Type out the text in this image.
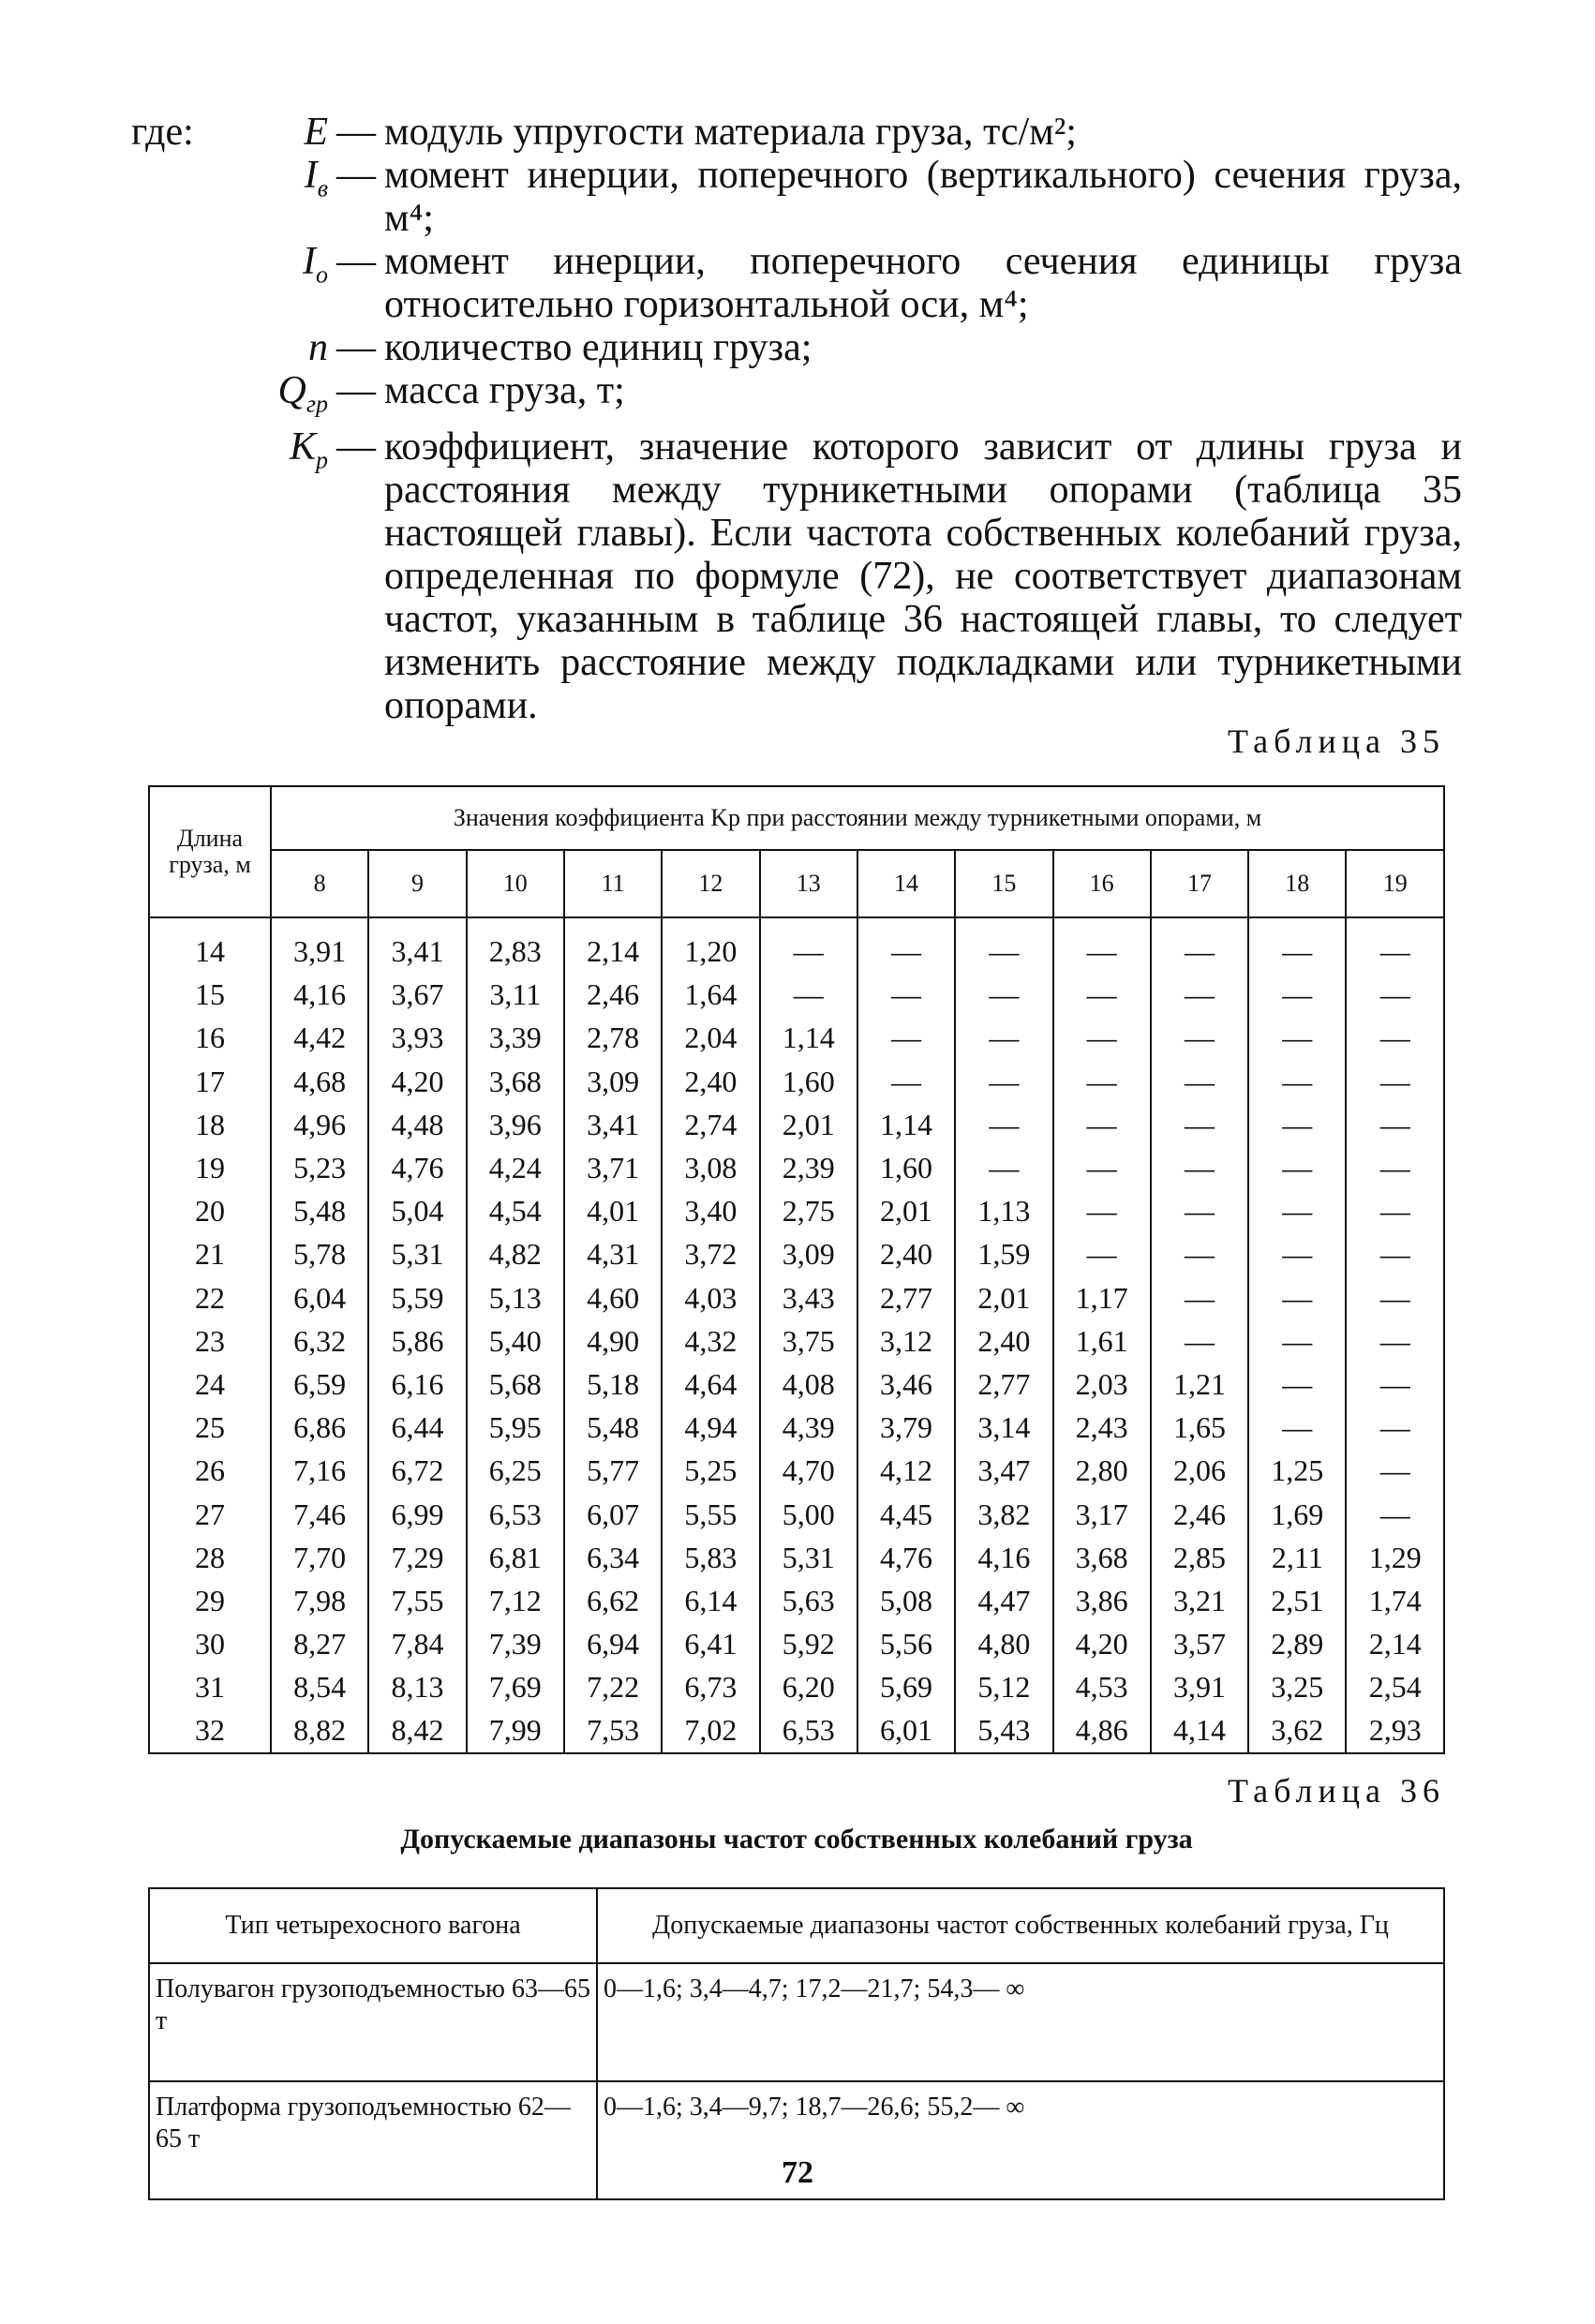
где:	E — модуль упругости материала груза, тс/м²;
$I_в$ — момент инерции, поперечного (вертикального) сечения груза, м⁴;
$I_о$ — момент инерции, поперечного сечения единицы груза относительно горизонтальной оси, м⁴;
n — количество единиц груза;
$Q_{гр}$ — масса груза, т;
$K_р$ — коэффициент, значение которого зависит от длины груза и расстояния между турникетными опорами (таблица 35 настоящей главы). Если частота собственных колебаний груза, определенная по формуле (72), не соответствует диапазонам частот, указанным в таблице 36 настоящей главы, то следует изменить расстояние между подкладками или турникетными опорами.
Таблица 35
Длина груза, м	Значения коэффициента Kр при расстоянии между турникетными опорами, м											
	8	9	10	11	12	13	14	15	16	17	18	19
14	3,91	3,41	2,83	2,14	1,20	—	—	—	—	—	—	—
15	4,16	3,67	3,11	2,46	1,64	—	—	—	—	—	—	—
16	4,42	3,93	3,39	2,78	2,04	1,14	—	—	—	—	—	—
17	4,68	4,20	3,68	3,09	2,40	1,60	—	—	—	—	—	—
18	4,96	4,48	3,96	3,41	2,74	2,01	1,14	—	—	—	—	—
19	5,23	4,76	4,24	3,71	3,08	2,39	1,60	—	—	—	—	—
20	5,48	5,04	4,54	4,01	3,40	2,75	2,01	1,13	—	—	—	—
21	5,78	5,31	4,82	4,31	3,72	3,09	2,40	1,59	—	—	—	—
22	6,04	5,59	5,13	4,60	4,03	3,43	2,77	2,01	1,17	—	—	—
23	6,32	5,86	5,40	4,90	4,32	3,75	3,12	2,40	1,61	—	—	—
24	6,59	6,16	5,68	5,18	4,64	4,08	3,46	2,77	2,03	1,21	—	—
25	6,86	6,44	5,95	5,48	4,94	4,39	3,79	3,14	2,43	1,65	—	—
26	7,16	6,72	6,25	5,77	5,25	4,70	4,12	3,47	2,80	2,06	1,25	—
27	7,46	6,99	6,53	6,07	5,55	5,00	4,45	3,82	3,17	2,46	1,69	—
28	7,70	7,29	6,81	6,34	5,83	5,31	4,76	4,16	3,68	2,85	2,11	1,29
29	7,98	7,55	7,12	6,62	6,14	5,63	5,08	4,47	3,86	3,21	2,51	1,74
30	8,27	7,84	7,39	6,94	6,41	5,92	5,56	4,80	4,20	3,57	2,89	2,14
31	8,54	8,13	7,69	7,22	6,73	6,20	5,69	5,12	4,53	3,91	3,25	2,54
32	8,82	8,42	7,99	7,53	7,02	6,53	6,01	5,43	4,86	4,14	3,62	2,93
Таблица 36
Допускаемые диапазоны частот собственных колебаний груза
Тип четырехосного вагона	Допускаемые диапазоны частот собственных колебаний груза, Гц
Полувагон грузоподъемностью 63—65 т	0—1,6; 3,4—4,7; 17,2—21,7; 54,3— ∞
Платформа грузоподъемностью 62—65 т	0—1,6; 3,4—9,7; 18,7—26,6; 55,2— ∞
72
